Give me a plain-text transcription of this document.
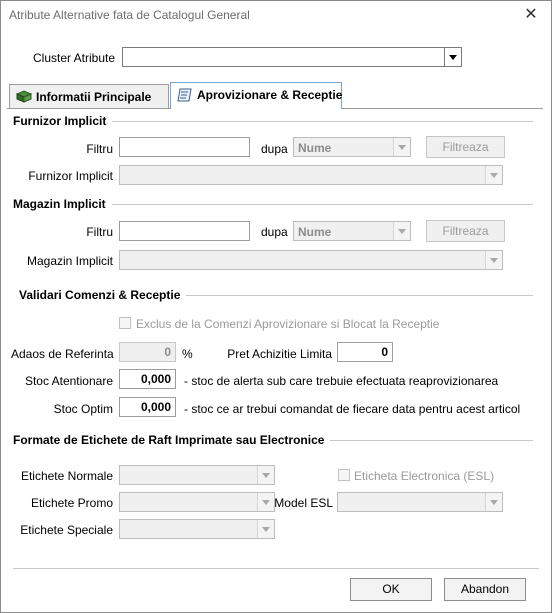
Atribute Alternative fata de Catalogul General	✕
Cluster Atribute
Informatii Principale	Aprovizionare & Receptie
Furnizor Implicit
Filtru	dupa Nume	Filtreaza
Furnizor Implicit
Magazin Implicit
Filtru	dupa Nume	Filtreaza
Magazin Implicit
Validari Comenzi & Receptie
Exclus de la Comenzi Aprovizionare si Blocat la Receptie
Adaos de Referinta	0 %	Pret Achizitie Limita	0
Stoc Atentionare	0,000	- stoc de alerta sub care trebuie efectuata reaprovizionarea
Stoc Optim	0,000	- stoc ce ar trebui comandat de fiecare data pentru acest articol
Formate de Etichete de Raft Imprimate sau Electronice
Etichete Normale	Eticheta Electronica (ESL)
Etichete Promo	Model ESL
Etichete Speciale
OK	Abandon
